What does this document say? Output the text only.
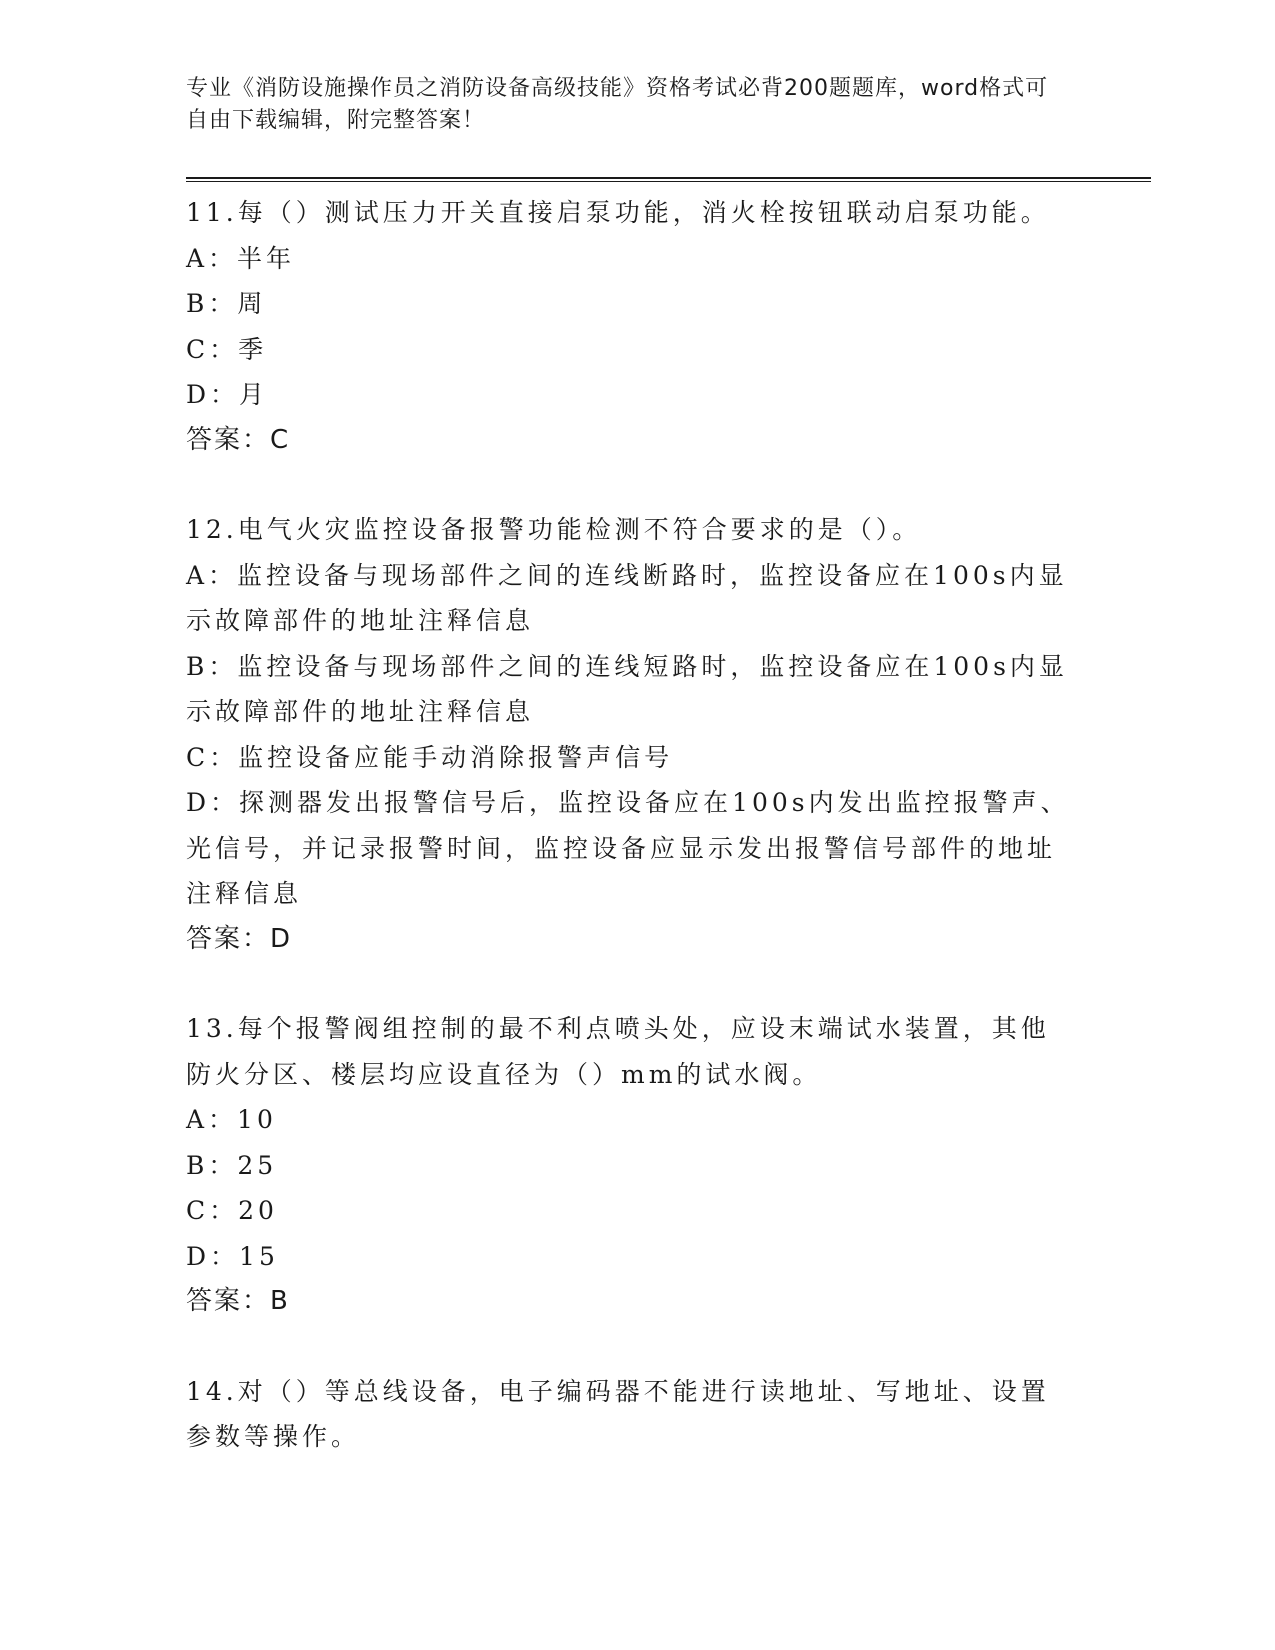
专业《消防设施操作员之消防设备高级技能》资格考试必背200题题库，word格式可自由下载编辑，附完整答案！
11.每（）测试压力开关直接启泵功能，消火栓按钮联动启泵功能。
A：半年
B：周
C：季
D：月
答案：C
12.电气火灾监控设备报警功能检测不符合要求的是（）。
A：监控设备与现场部件之间的连线断路时，监控设备应在100s内显示故障部件的地址注释信息
B：监控设备与现场部件之间的连线短路时，监控设备应在100s内显示故障部件的地址注释信息
C：监控设备应能手动消除报警声信号
D：探测器发出报警信号后，监控设备应在100s内发出监控报警声、光信号，并记录报警时间，监控设备应显示发出报警信号部件的地址注释信息
答案：D
13.每个报警阀组控制的最不利点喷头处，应设末端试水装置，其他防火分区、楼层均应设直径为（）mm的试水阀。
A：10
B：25
C：20
D：15
答案：B
14.对（）等总线设备，电子编码器不能进行读地址、写地址、设置参数等操作。
